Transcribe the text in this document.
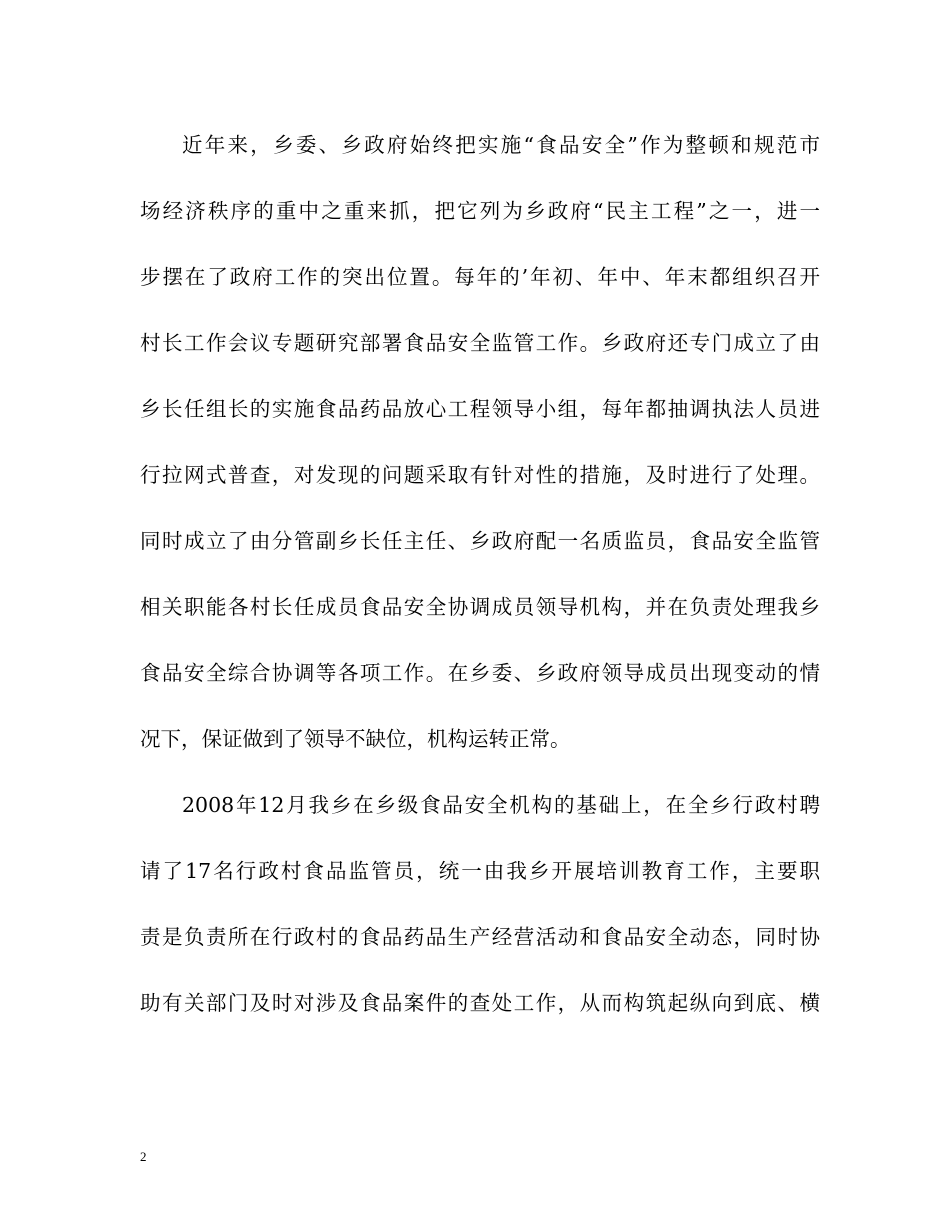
近年来，乡委、乡政府始终把实施“食品安全”作为整顿和规范市
场经济秩序的重中之重来抓，把它列为乡政府“民主工程”之一，进一
步摆在了政府工作的突出位置。每年的’年初、年中、年末都组织召开
村长工作会议专题研究部署食品安全监管工作。乡政府还专门成立了由
乡长任组长的实施食品药品放心工程领导小组，每年都抽调执法人员进
行拉网式普查，对发现的问题采取有针对性的措施，及时进行了处理。
同时成立了由分管副乡长任主任、乡政府配一名质监员，食品安全监管
相关职能各村长任成员食品安全协调成员领导机构，并在负责处理我乡
食品安全综合协调等各项工作。在乡委、乡政府领导成员出现变动的情
况下，保证做到了领导不缺位，机构运转正常。
2008年12月我乡在乡级食品安全机构的基础上，在全乡行政村聘
请了17名行政村食品监管员，统一由我乡开展培训教育工作，主要职
责是负责所在行政村的食品药品生产经营活动和食品安全动态，同时协
助有关部门及时对涉及食品案件的查处工作，从而构筑起纵向到底、横
2
